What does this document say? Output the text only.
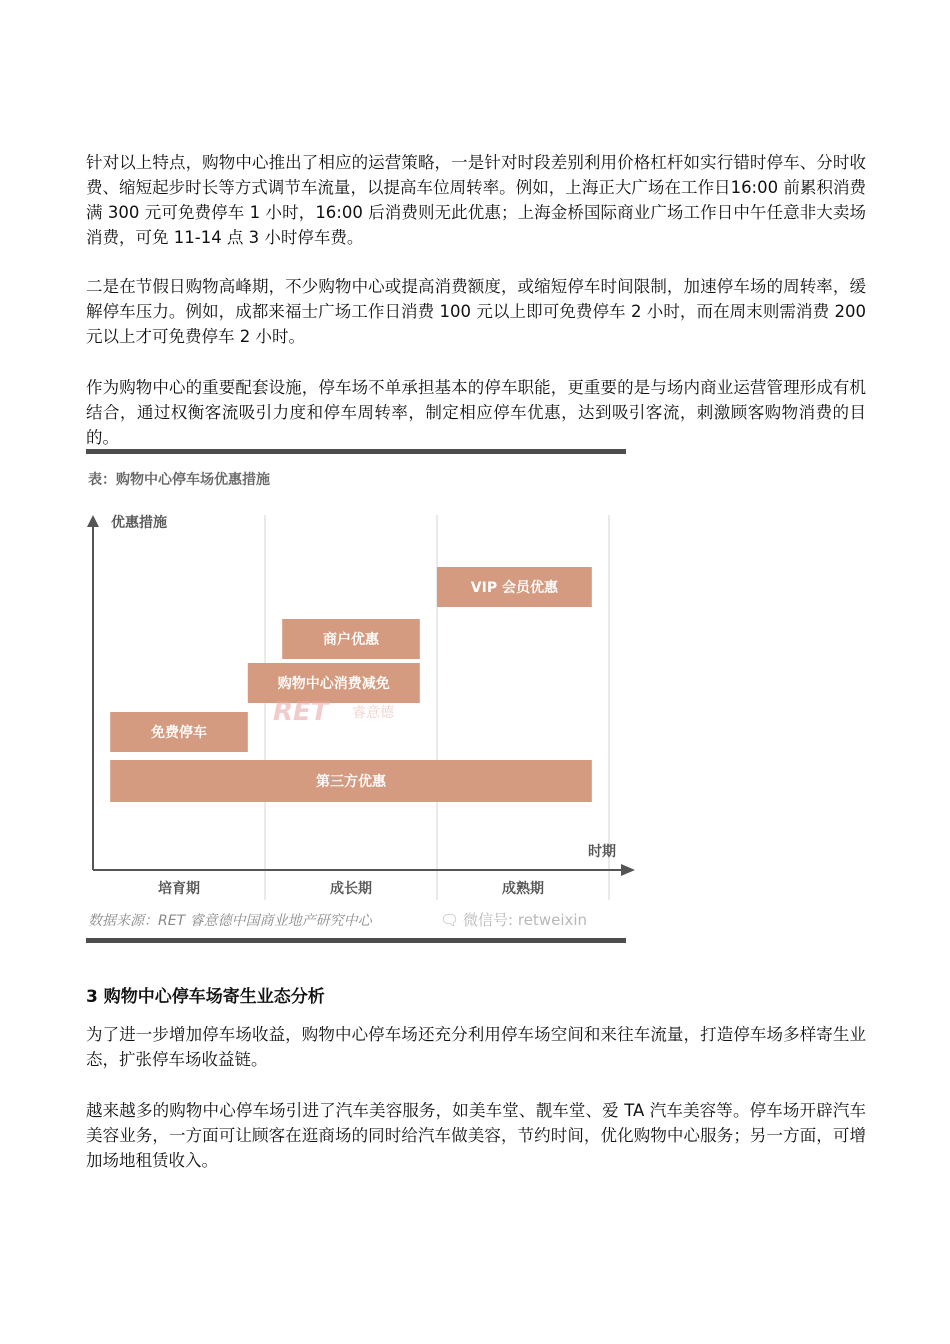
针对以上特点，购物中心推出了相应的运营策略，一是针对时段差别利用价格杠杆如实行错时停车、分时收费、缩短起步时长等方式调节车流量，以提高车位周转率。例如，上海正大广场在工作日16:00 前累积消费满 300 元可免费停车 1 小时，16:00 后消费则无此优惠；上海金桥国际商业广场工作日中午任意非大卖场消费，可免 11-14 点 3 小时停车费。

二是在节假日购物高峰期，不少购物中心或提高消费额度，或缩短停车时间限制，加速停车场的周转率，缓解停车压力。例如，成都来福士广场工作日消费 100 元以上即可免费停车 2 小时，而在周末则需消费 200 元以上才可免费停车 2 小时。

作为购物中心的重要配套设施，停车场不单承担基本的停车职能，更重要的是与场内商业运营管理形成有机结合，通过权衡客流吸引力度和停车周转率，制定相应停车优惠，达到吸引客流，刺激顾客购物消费的目的。

表：购物中心停车场优惠措施
VIP 会员优惠
商户优惠
购物中心消费减免
免费停车
第三方优惠
优惠措施
时期
培育期	成长期	成熟期
RET 睿意德
数据来源：RET 睿意德中国商业地产研究中心	🗨 微信号: retweixin
3 购物中心停车场寄生业态分析

为了进一步增加停车场收益，购物中心停车场还充分利用停车场空间和来往车流量，打造停车场多样寄生业态，扩张停车场收益链。

越来越多的购物中心停车场引进了汽车美容服务，如美车堂、靓车堂、爱 TA 汽车美容等。停车场开辟汽车美容业务，一方面可让顾客在逛商场的同时给汽车做美容，节约时间，优化购物中心服务；另一方面，可增加场地租赁收入。
